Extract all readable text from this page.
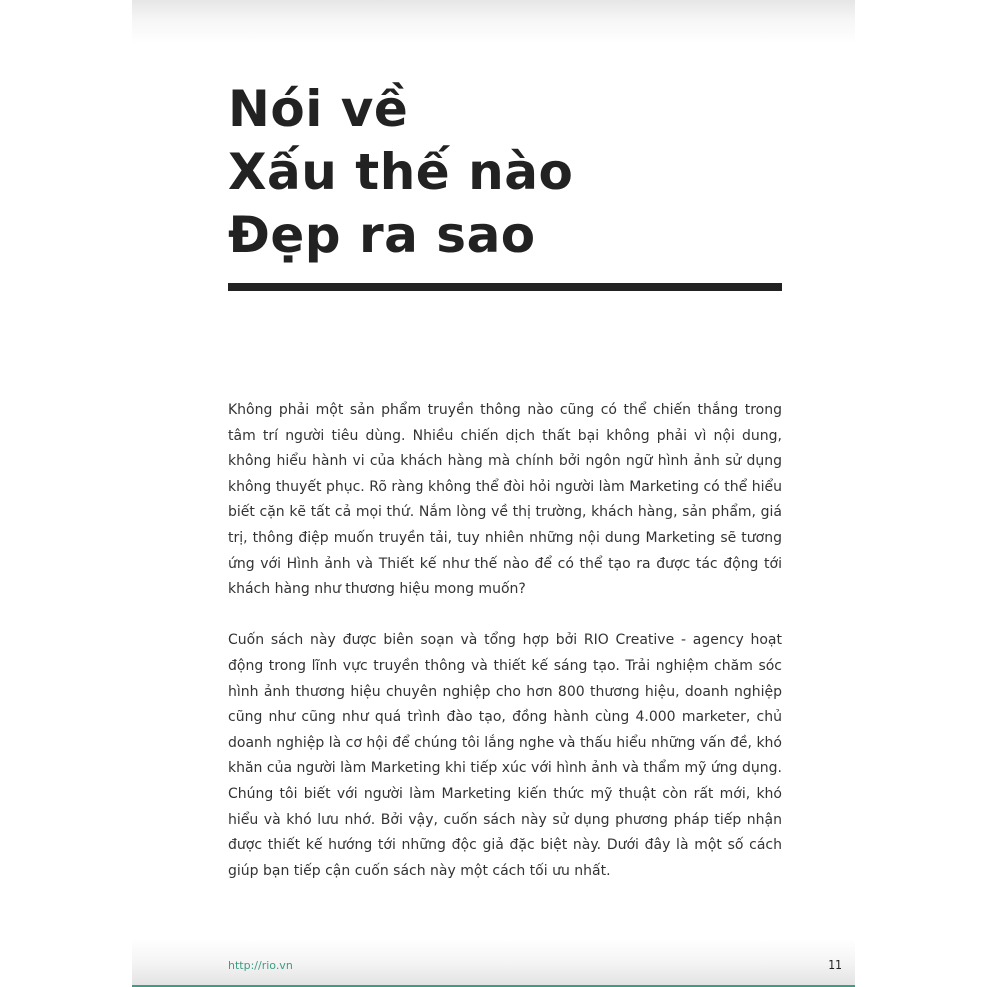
Nói về
Xấu thế nào
Đẹp ra sao

Không phải một sản phẩm truyền thông nào cũng có thể chiến thắng trong tâm trí người tiêu dùng. Nhiều chiến dịch thất bại không phải vì nội dung, không hiểu hành vi của khách hàng mà chính bởi ngôn ngữ hình ảnh sử dụng không thuyết phục. Rõ ràng không thể đòi hỏi người làm Marketing có thể hiểu biết cặn kẽ tất cả mọi thứ. Nắm lòng về thị trường, khách hàng, sản phẩm, giá trị, thông điệp muốn truyền tải, tuy nhiên những nội dung Marketing sẽ tương ứng với Hình ảnh và Thiết kế như thế nào để có thể tạo ra được tác động tới khách hàng như thương hiệu mong muốn?

Cuốn sách này được biên soạn và tổng hợp bởi RIO Creative - agency hoạt động trong lĩnh vực truyền thông và thiết kế sáng tạo. Trải nghiệm chăm sóc hình ảnh thương hiệu chuyên nghiệp cho hơn 800 thương hiệu, doanh nghiệp cũng như cũng như quá trình đào tạo, đồng hành cùng 4.000 marketer, chủ doanh nghiệp là cơ hội để chúng tôi lắng nghe và thấu hiểu những vấn đề, khó khăn của người làm Marketing khi tiếp xúc với hình ảnh và thẩm mỹ ứng dụng. Chúng tôi biết với người làm Marketing kiến thức mỹ thuật còn rất mới, khó hiểu và khó lưu nhớ. Bởi vậy, cuốn sách này sử dụng phương pháp tiếp nhận được thiết kế hướng tới những độc giả đặc biệt này. Dưới đây là một số cách giúp bạn tiếp cận cuốn sách này một cách tối ưu nhất.

http://rio.vn	11
